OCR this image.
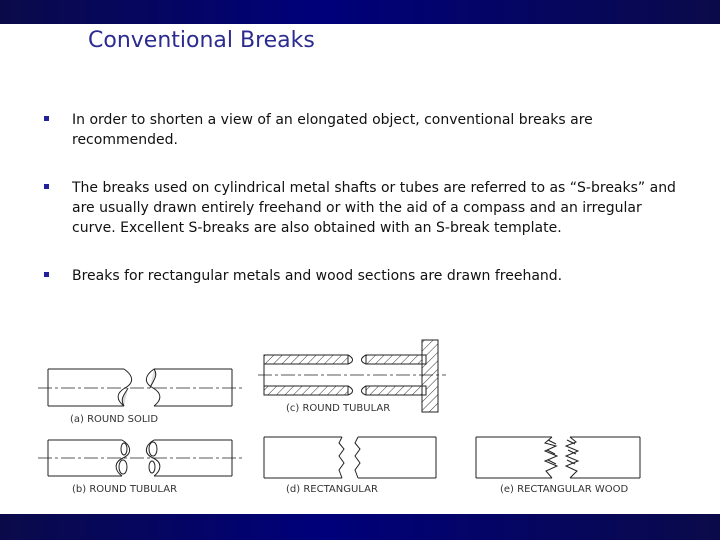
Conventional Breaks
In order to shorten a view of an elongated object, conventional breaks are recommended.
The breaks used on cylindrical metal shafts or tubes are referred to as “S-breaks” and are usually drawn entirely freehand or with the aid of a compass and an irregular curve. Excellent S-breaks are also obtained with an S-break template.
Breaks for rectangular metals and wood sections are drawn freehand.
(a) ROUND SOLID
(b) ROUND TUBULAR
(c) ROUND TUBULAR
(d) RECTANGULAR	(e) RECTANGULAR WOOD
